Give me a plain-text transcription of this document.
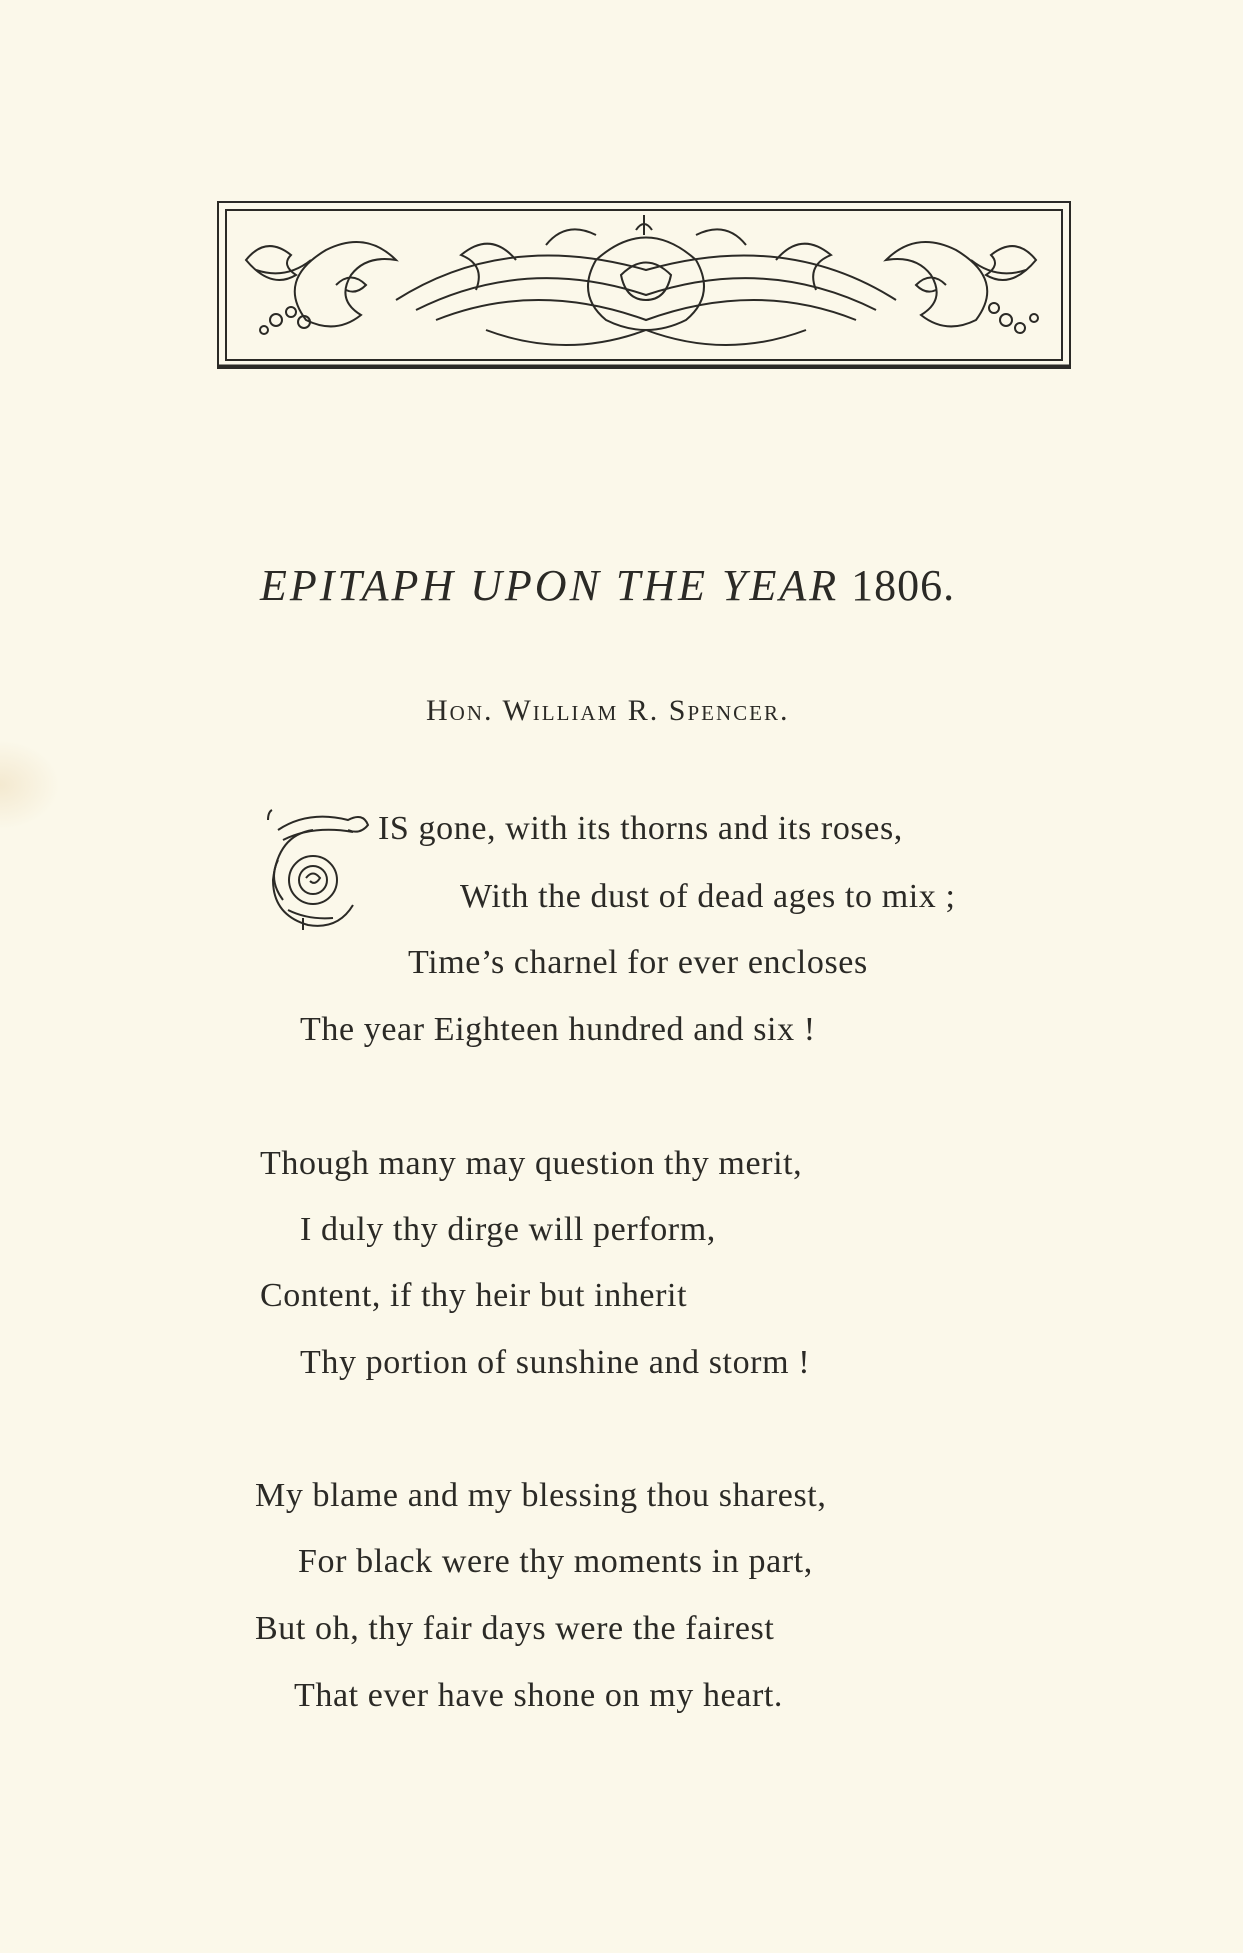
EPITAPH UPON THE YEAR 1806.
Hon. William R. Spencer.
IS gone, with its thorns and its roses,
With the dust of dead ages to mix ;
Time’s charnel for ever encloses
The year Eighteen hundred and six !
Though many may question thy merit,
I duly thy dirge will perform,
Content, if thy heir but inherit
Thy portion of sunshine and storm !
My blame and my blessing thou sharest,
For black were thy moments in part,
But oh, thy fair days were the fairest
That ever have shone on my heart.
